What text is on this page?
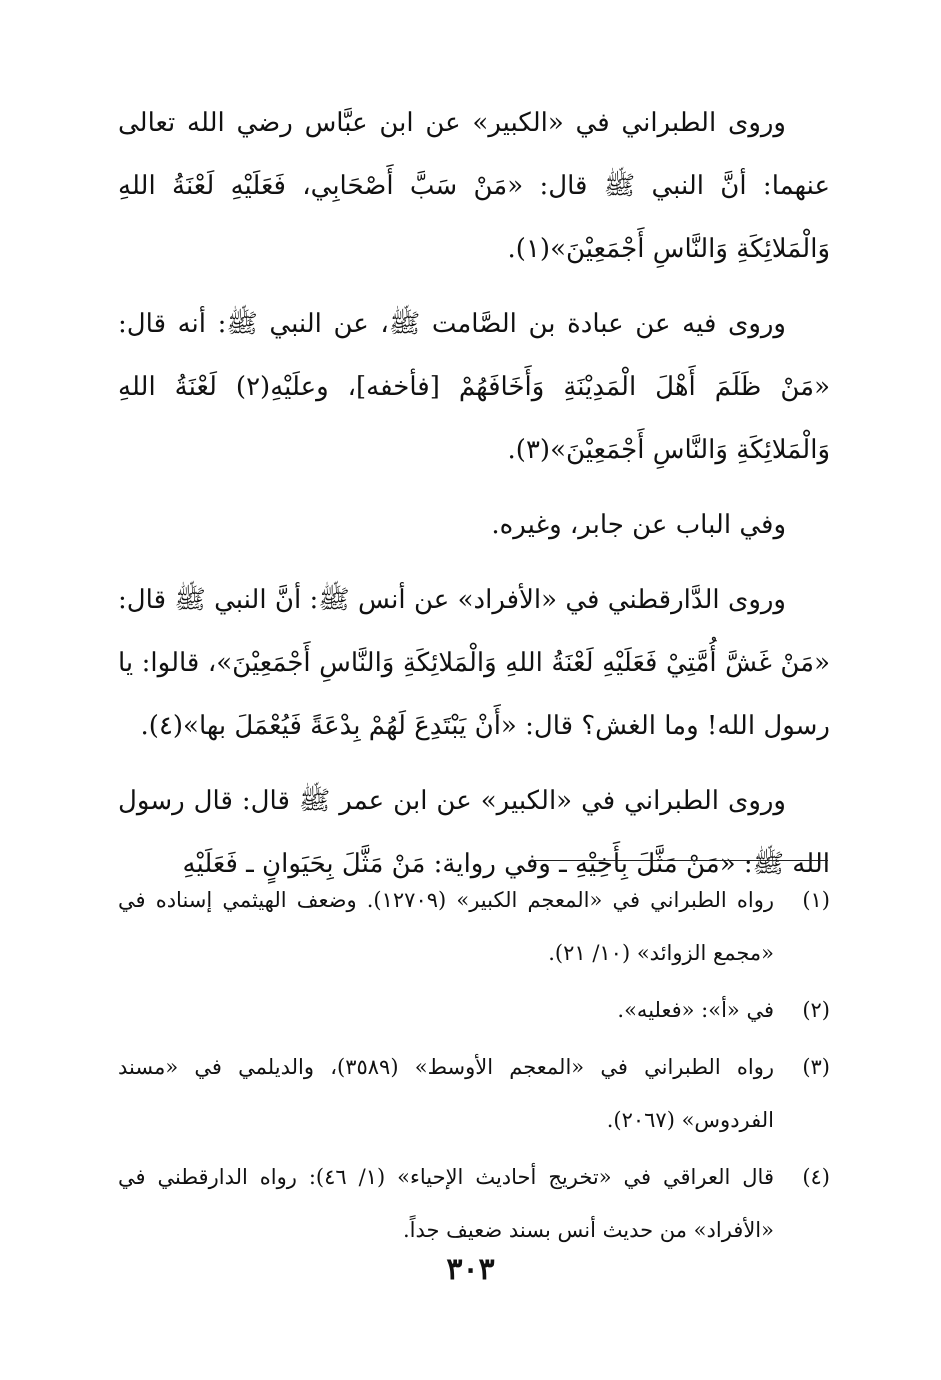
وروى الطبراني في «الكبير» عن ابن عبَّاس رضي الله تعالى عنهما: أنَّ النبي ﷺ قال: «مَنْ سَبَّ أَصْحَابِي، فَعَلَيْهِ لَعْنَةُ اللهِ وَالْمَلائِكَةِ وَالنَّاسِ أَجْمَعِيْنَ»(١).

وروى فيه عن عبادة بن الصَّامت ﷺ، عن النبي ﷺ: أنه قال: «مَنْ ظَلَمَ أَهْلَ الْمَدِيْنَةِ وَأَخَافَهُمْ [فأخفه]، وعلَيْهِ(٢) لَعْنَةُ اللهِ وَالْمَلائِكَةِ وَالنَّاسِ أَجْمَعِيْنَ»(٣).

وفي الباب عن جابر، وغيره.

وروى الدَّارقطني في «الأفراد» عن أنس ﷺ: أنَّ النبي ﷺ قال: «مَنْ غَشَّ أُمَّتِيْ فَعَلَيْهِ لَعْنَةُ اللهِ وَالْمَلائِكَةِ وَالنَّاسِ أَجْمَعِيْنَ»، قالوا: يا رسول الله! وما الغش؟ قال: «أَنْ يَبْتَدِعَ لَهُمْ بِدْعَةً فَيُعْمَلَ بها»(٤).

وروى الطبراني في «الكبير» عن ابن عمر ﷺ قال: قال رسول الله ﷺ: «مَنْ مَثَّلَ بِأَخِيْهِ ـ وفي رواية: مَنْ مَثَّلَ بِحَيَوانٍ ـ فَعَلَيْهِ

(١)
رواه الطبراني في «المعجم الكبير» (١٢٧٠٩). وضعف الهيثمي إسناده في «مجمع الزوائد» (١٠/ ٢١).
(٢)
في «أ»: «فعليه».
(٣)
رواه الطبراني في «المعجم الأوسط» (٣٥٨٩)، والديلمي في «مسند الفردوس» (٢٠٦٧).
(٤)
قال العراقي في «تخريج أحاديث الإحياء» (١/ ٤٦): رواه الدارقطني في «الأفراد» من حديث أنس بسند ضعيف جداً.
٣٠٣
